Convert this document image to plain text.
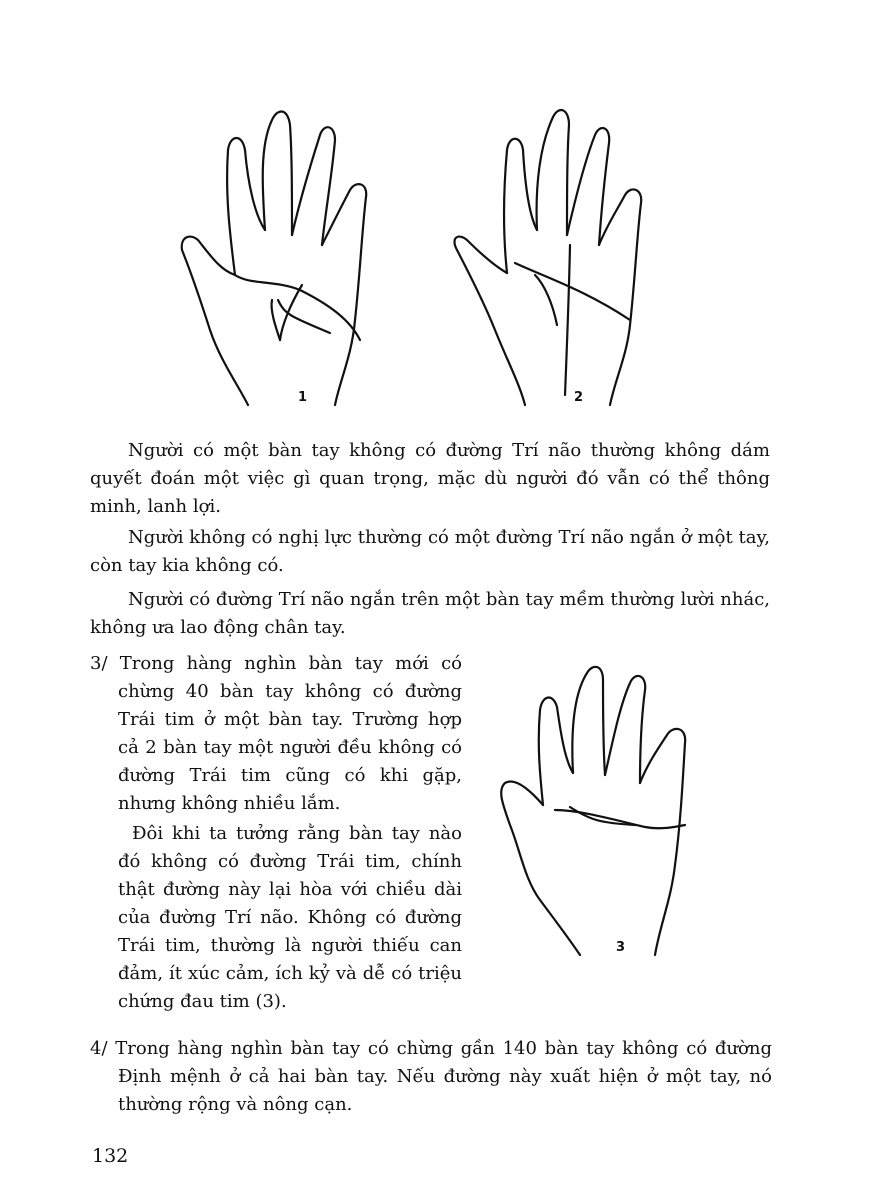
1	2

Người có một bàn tay không có đường Trí não thường không dám quyết đoán một việc gì quan trọng, mặc dù người đó vẫn có thể thông minh, lanh lợi.

Người không có nghị lực thường có một đường Trí não ngắn ở một tay, còn tay kia không có.

Người có đường Trí não ngắn trên một bàn tay mềm thường lười nhác, không ưa lao động chân tay.

3/ Trong hàng nghìn bàn tay mới có chừng 40 bàn tay không có đường Trái tim ở một bàn tay. Trường hợp cả 2 bàn tay một người đều không có đường Trái tim cũng có khi gặp, nhưng không nhiều lắm.

Đôi khi ta tưởng rằng bàn tay nào đó không có đường Trái tim, chính thật đường này lại hòa với chiều dài của đường Trí não. Không có đường Trái tim, thường là người thiếu can đảm, ít xúc cảm, ích kỷ và dễ có triệu chứng đau tim (3).

3

4/ Trong hàng nghìn bàn tay có chừng gần 140 bàn tay không có đường Định mệnh ở cả hai bàn tay. Nếu đường này xuất hiện ở một tay, nó thường rộng và nông cạn.

132
